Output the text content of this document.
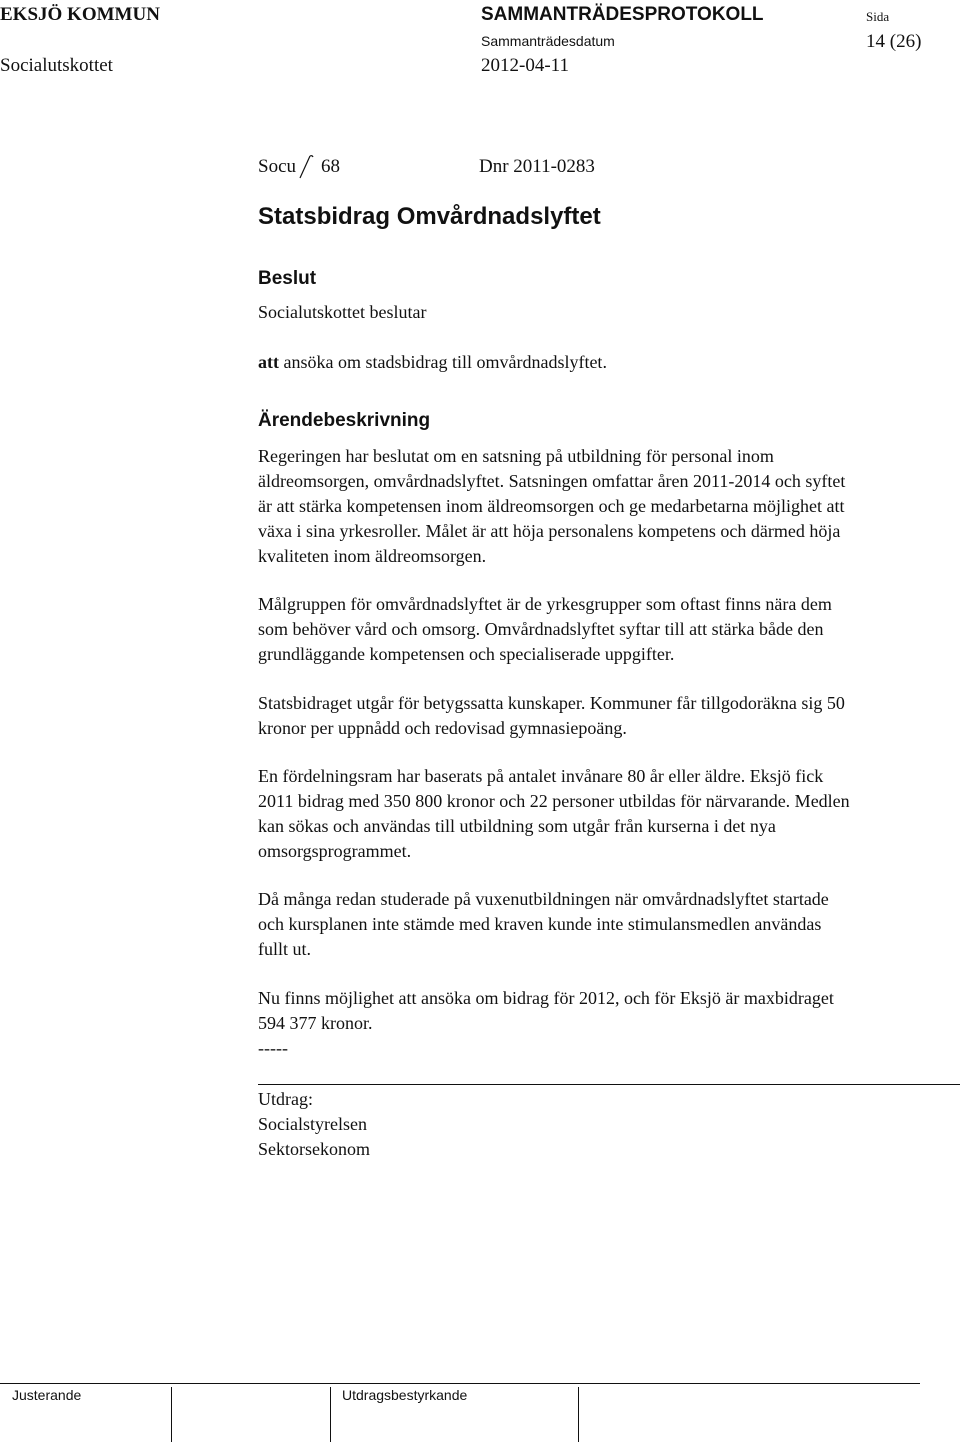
EKSJÖ KOMMUN
Socialutskottet
SAMMANTRÄDESPROTOKOLL
Sammanträdesdatum
2012-04-11
Sida
14 (26)
Socu 68	Dnr 2011-0283
Statsbidrag Omvårdnadslyftet
Beslut
Socialutskottet beslutar
att ansöka om stadsbidrag till omvårdnadslyftet.
Ärendebeskrivning
Regeringen har beslutat om en satsning på utbildning för personal inom
äldreomsorgen, omvårdnadslyftet. Satsningen omfattar åren 2011-2014 och syftet
är att stärka kompetensen inom äldreomsorgen och ge medarbetarna möjlighet att
växa i sina yrkesroller. Målet är att höja personalens kompetens och därmed höja
kvaliteten inom äldreomsorgen.
Målgruppen för omvårdnadslyftet är de yrkesgrupper som oftast finns nära dem
som behöver vård och omsorg. Omvårdnadslyftet syftar till att stärka både den
grundläggande kompetensen och specialiserade uppgifter.
Statsbidraget utgår för betygssatta kunskaper. Kommuner får tillgodoräkna sig 50
kronor per uppnådd och redovisad gymnasiepoäng.
En fördelningsram har baserats på antalet invånare 80 år eller äldre. Eksjö fick
2011 bidrag med 350 800 kronor och 22 personer utbildas för närvarande. Medlen
kan sökas och användas till utbildning som utgår från kurserna i det nya
omsorgsprogrammet.
Då många redan studerade på vuxenutbildningen när omvårdnadslyftet startade
och kursplanen inte stämde med kraven kunde inte stimulansmedlen användas
fullt ut.
Nu finns möjlighet att ansöka om bidrag för 2012, och för Eksjö är maxbidraget
594 377 kronor.
-----
Utdrag:
Socialstyrelsen
Sektorsekonom
Justerande	Utdragsbestyrkande
